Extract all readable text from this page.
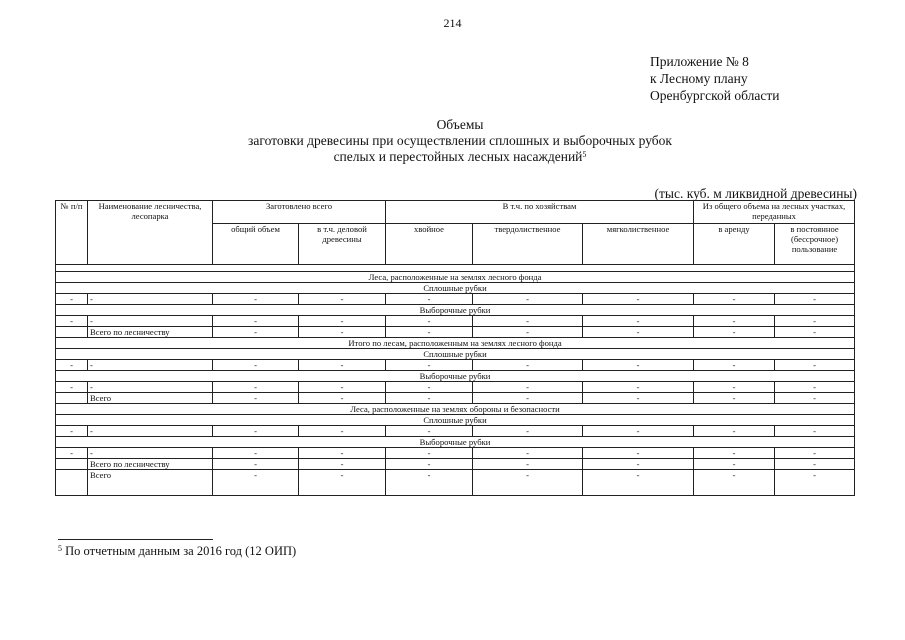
214
Приложение № 8
к Лесному плану
Оренбургской области
Объемы
заготовки древесины при осуществлении сплошных и выборочных рубок
спелых и перестойных лесных насаждений$^5$
(тыс. куб. м ликвидной древесины)
№ п/п	Наименование лесничества, лесопарка	Заготовлено всего		В т.ч. по хозяйствам			Из общего объема на лесных участках, переданных	
		общий объем	в т.ч. деловой древесины	хвойное	твердолиственное	мягколиственное	в аренду	в постоянное (бессрочное) пользование

Леса, расположенные на землях лесного фонда								
Сплошные рубки								
-	-	-	-	-	-	-	-	-
Выборочные рубки								
-	-	-	-	-	-	-	-	-
	Всего по лесничеству	-	-	-	-	-	-	-
Итого по лесам, расположенным на землях лесного фонда								
Сплошные рубки								
-	-	-	-	-	-	-	-	-
Выборочные рубки								
-	-	-	-	-	-	-	-	-
	Всего	-	-	-	-	-	-	-
Леса, расположенные на землях обороны и безопасности								
Сплошные рубки								
-	-	-	-	-	-	-	-	-
Выборочные рубки								
-	-	-	-	-	-	-	-	-
	Всего по лесничеству	-	-	-	-	-	-	-
	Всего	-	-	-	-	-	-	-
$^5$ По отчетным данным за 2016 год (12 ОИП)
